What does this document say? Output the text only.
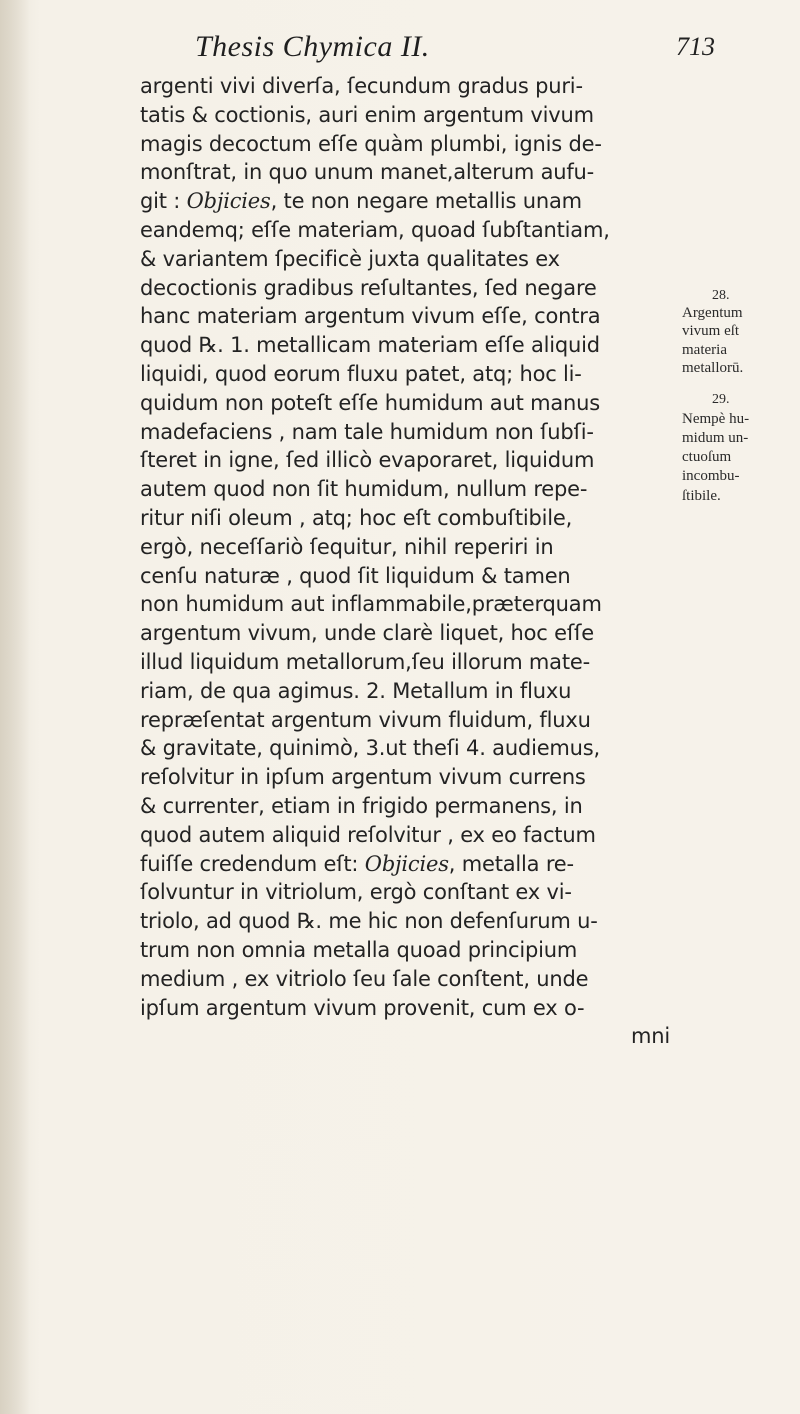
Thesis Chymica II.	713
argenti vivi diverſa, ſecundum gradus puri-
tatis & coctionis, auri enim argentum vivum
magis decoctum eſſe quàm plumbi, ignis de-
monſtrat, in quo unum manet,alterum aufu-
git : Objicies, te non negare metallis unam
eandemq; eſſe materiam, quoad ſubſtantiam,
& variantem ſpecificè juxta qualitates ex
decoctionis gradibus reſultantes, ſed negare
hanc materiam argentum vivum eſſe, contra
quod ℞. 1. metallicam materiam eſſe aliquid
liquidi, quod eorum fluxu patet, atq; hoc li-
quidum non poteſt eſſe humidum aut manus
madefaciens , nam tale humidum non ſubſi-
ſteret in igne, ſed illicò evaporaret, liquidum
autem quod non ſit humidum, nullum repe-
ritur niſi oleum , atq; hoc eſt combuſtibile,
ergò, neceſſariò ſequitur, nihil reperiri in
cenſu naturæ , quod ſit liquidum & tamen
non humidum aut inflammabile,præterquam
argentum vivum, unde clarè liquet, hoc eſſe
illud liquidum metallorum,ſeu illorum mate-
riam, de qua agimus. 2. Metallum in fluxu
repræſentat argentum vivum fluidum, fluxu
& gravitate, quinimò, 3.ut theſi 4. audiemus,
reſolvitur in ipſum argentum vivum currens
& currenter, etiam in frigido permanens, in
quod autem aliquid reſolvitur , ex eo factum
fuiſſe credendum eſt: Objicies, metalla re-
ſolvuntur in vitriolum, ergò conſtant ex vi-
triolo, ad quod ℞. me hic non defenſurum u-
trum non omnia metalla quoad principium
medium , ex vitriolo ſeu ſale conſtent, unde
ipſum argentum vivum provenit, cum ex o-
mni
28.
Argentum
vivum eſt
materia
metallorū.
29.
Nempè hu-
midum un-
ctuoſum
incombu-
ſtibile.
